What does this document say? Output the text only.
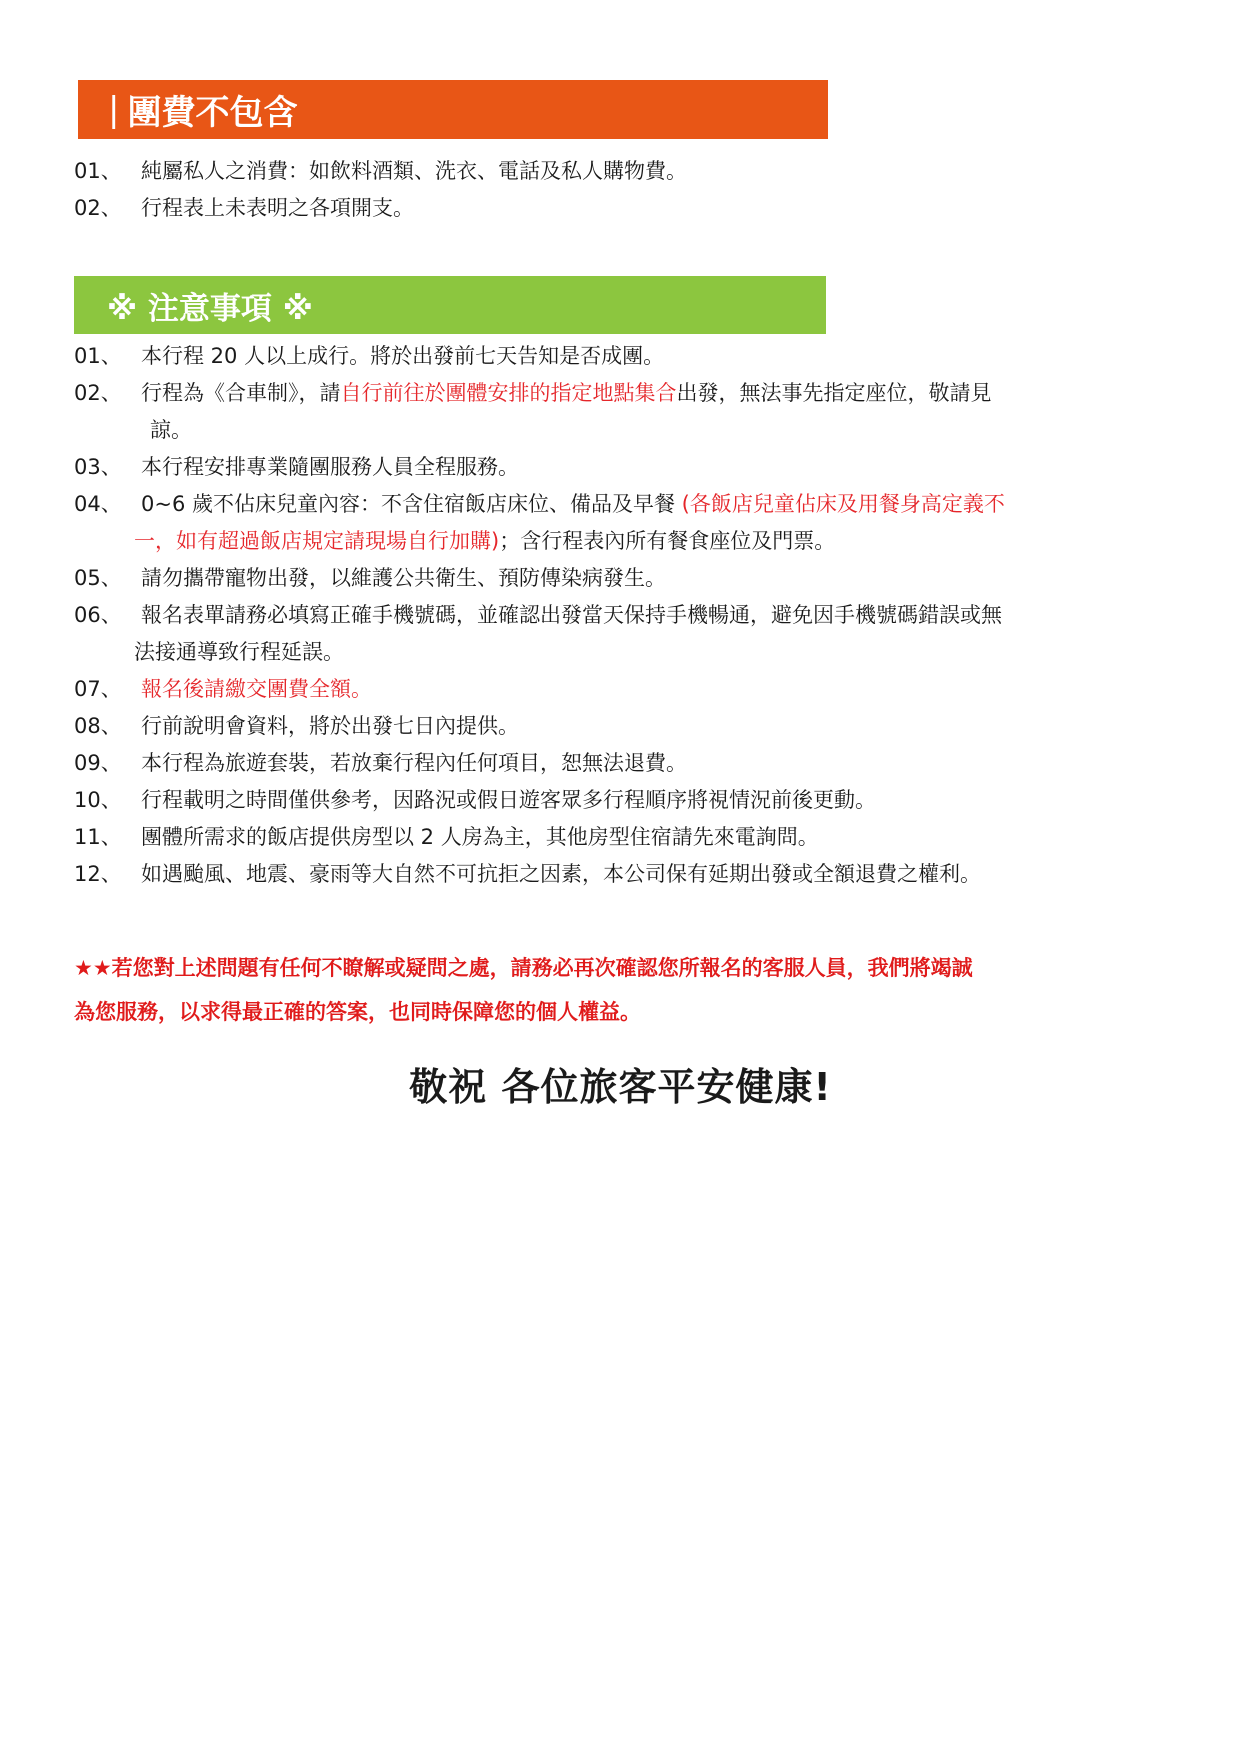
| 團費不包含
01、 純屬私人之消費：如飲料酒類、洗衣、電話及私人購物費。
02、 行程表上未表明之各項開支。
※ 注意事項 ※
01、 本行程 20 人以上成行。將於出發前七天告知是否成團。
02、 行程為《合車制》，請自行前往於團體安排的指定地點集合出發，無法事先指定座位，敬請見
諒。
03、 本行程安排專業隨團服務人員全程服務。
04、 0~6 歲不佔床兒童內容：不含住宿飯店床位、備品及早餐 (各飯店兒童佔床及用餐身高定義不
一，如有超過飯店規定請現場自行加購)；含行程表內所有餐食座位及門票。
05、 請勿攜帶寵物出發，以維護公共衛生、預防傳染病發生。
06、 報名表單請務必填寫正確手機號碼，並確認出發當天保持手機暢通，避免因手機號碼錯誤或無
法接通導致行程延誤。
07、 報名後請繳交團費全額。
08、 行前說明會資料，將於出發七日內提供。
09、 本行程為旅遊套裝，若放棄行程內任何項目，恕無法退費。
10、 行程載明之時間僅供參考，因路況或假日遊客眾多行程順序將視情況前後更動。
11、 團體所需求的飯店提供房型以 2 人房為主，其他房型住宿請先來電詢問。
12、 如遇颱風、地震、豪雨等大自然不可抗拒之因素，本公司保有延期出發或全額退費之權利。
★★若您對上述問題有任何不瞭解或疑問之處，請務必再次確認您所報名的客服人員，我們將竭誠
為您服務，以求得最正確的答案，也同時保障您的個人權益。
敬祝 各位旅客平安健康!
